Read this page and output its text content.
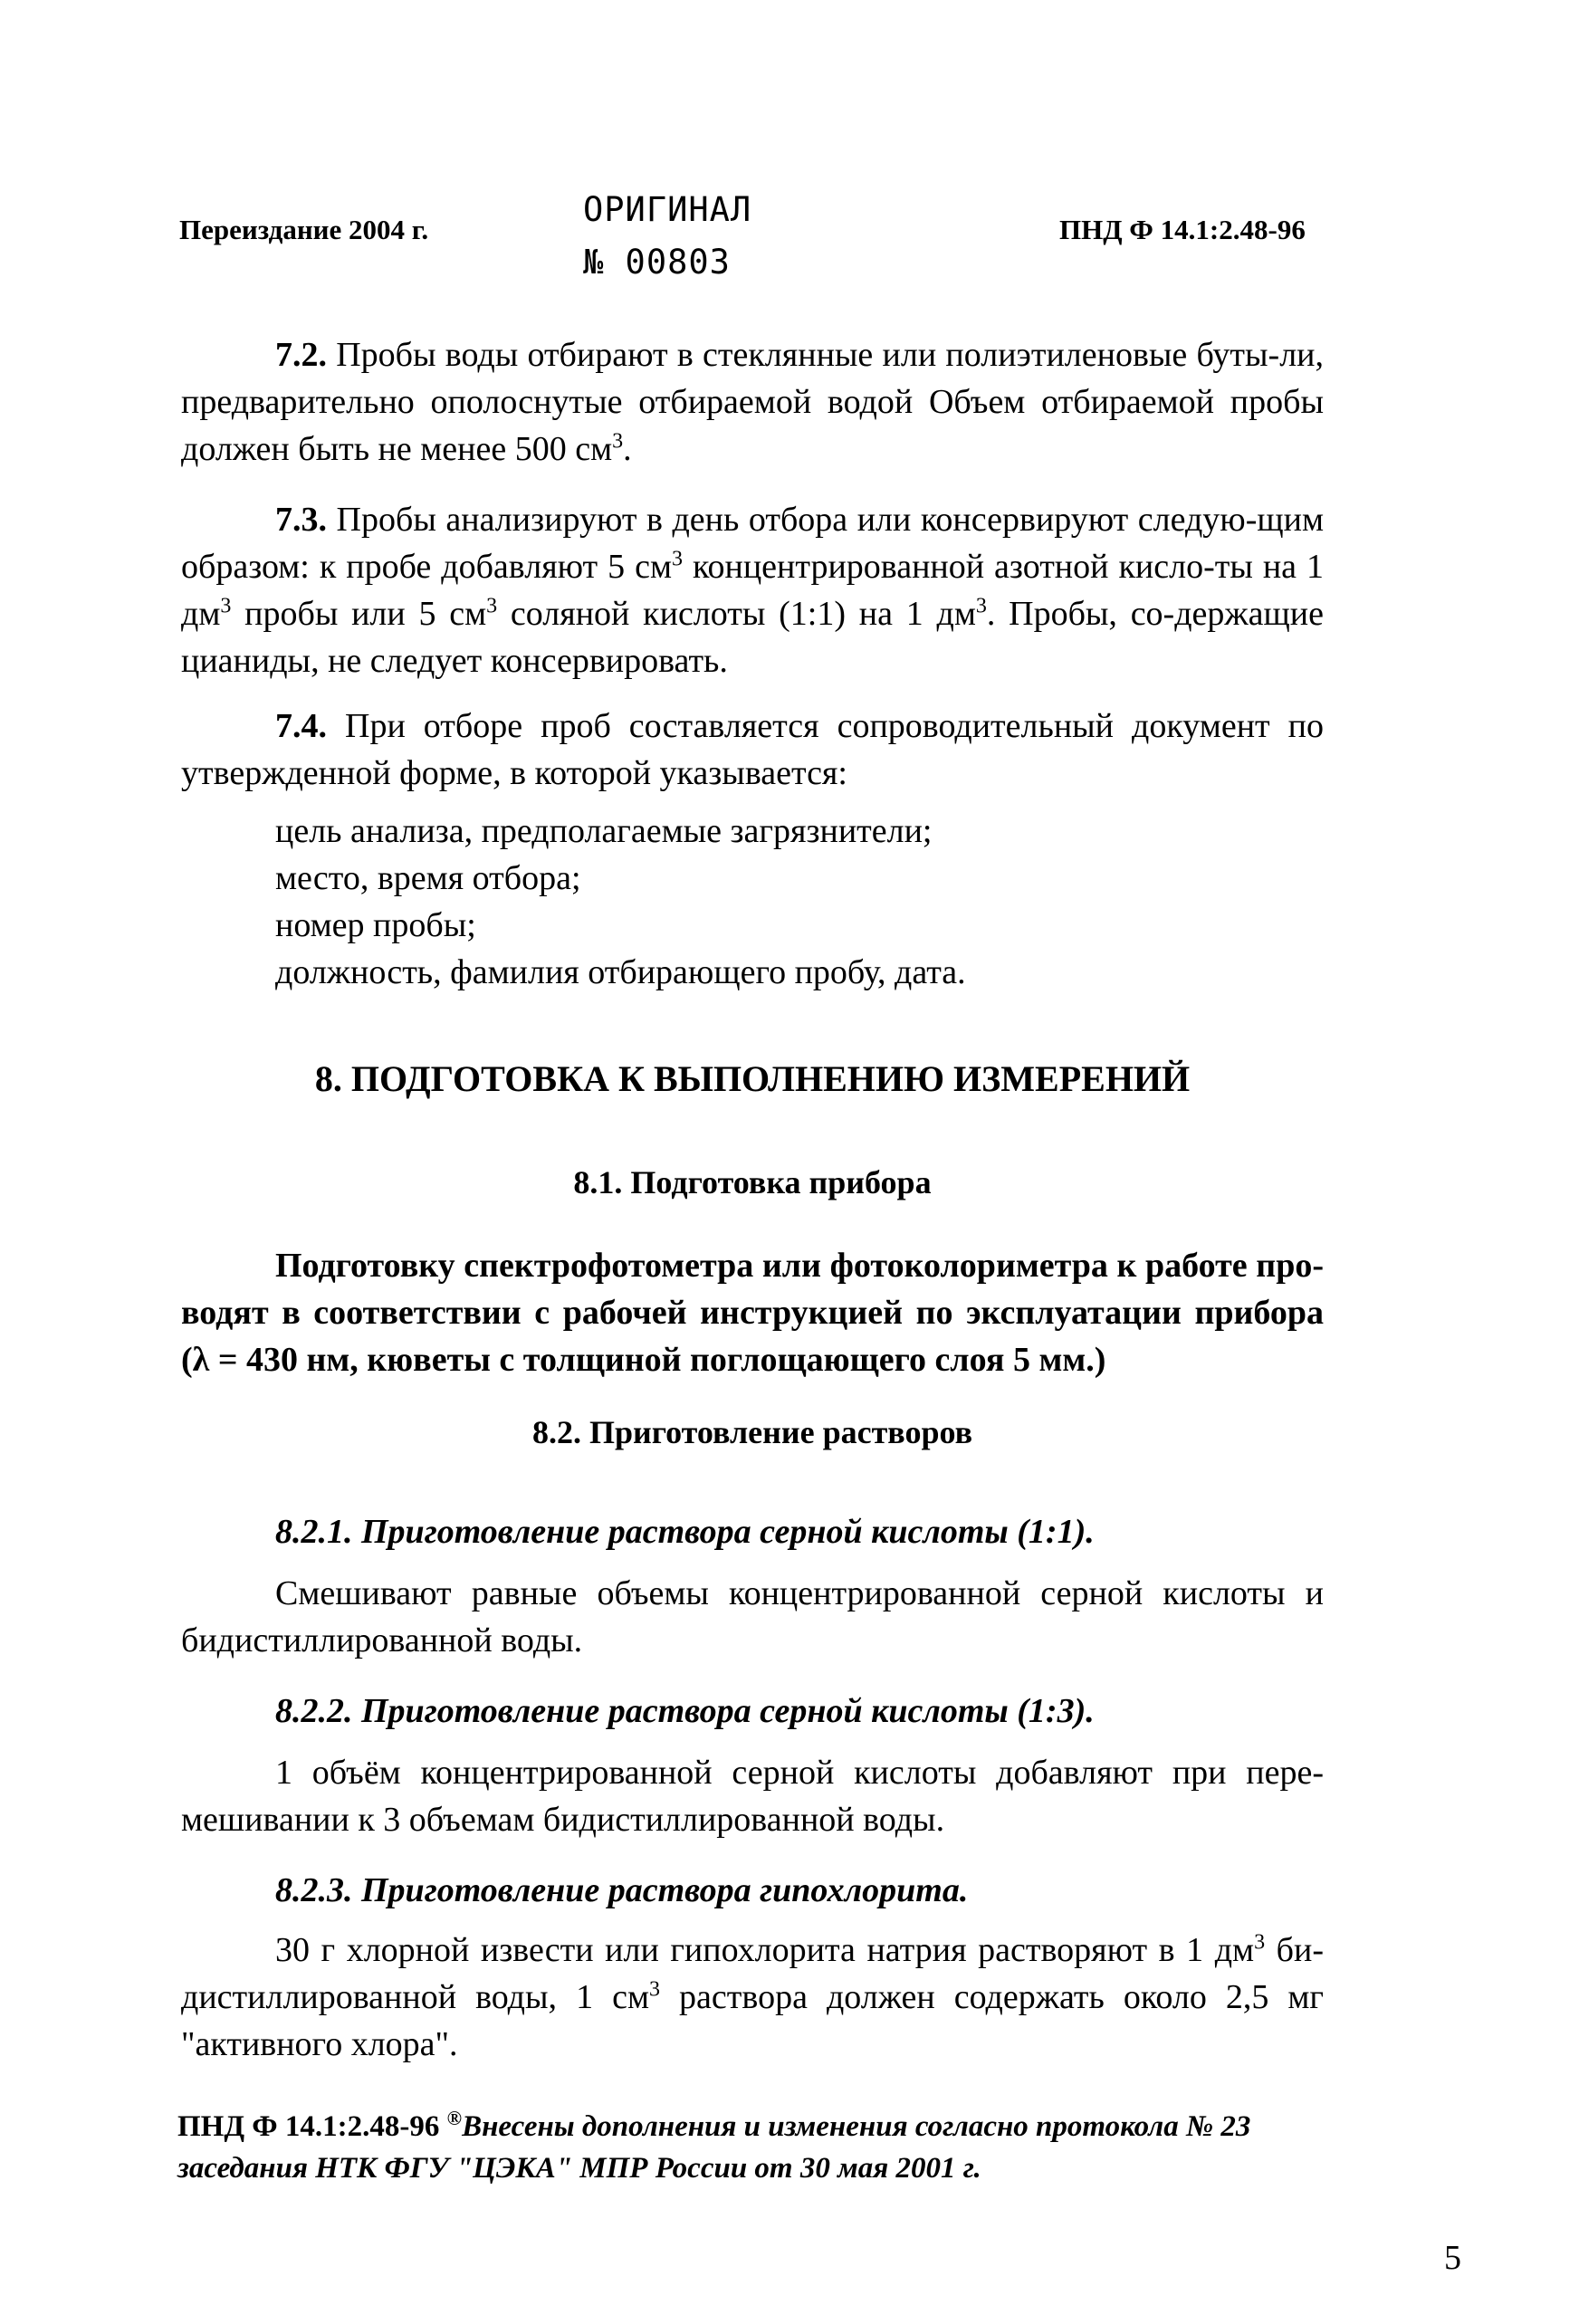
Переиздание 2004 г.
ОРИГИНАЛ
№ 00803
ПНД Ф 14.1:2.48-96
7.2. Пробы воды отбирают в стеклянные или полиэтиленовые буты-ли, предварительно ополоснутые отбираемой водой Объем отбираемой пробы должен быть не менее 500 $см^3$.
7.3. Пробы анализируют в день отбора или консервируют следую-щим образом: к пробе добавляют 5 $см^3$ концентрированной азотной кисло-ты на 1 $дм^3$ пробы или 5 $см^3$ соляной кислоты (1:1) на 1 $дм^3$. Пробы, со-держащие цианиды, не следует консервировать.
7.4. При отборе проб составляется сопроводительный документ по утвержденной форме, в которой указывается:
цель анализа, предполагаемые загрязнители;
место, время отбора;
номер пробы;
должность, фамилия отбирающего пробу, дата.
8. ПОДГОТОВКА К ВЫПОЛНЕНИЮ ИЗМЕРЕНИЙ
8.1. Подготовка прибора
Подготовку спектрофотометра или фотоколориметра к работе про-водят в соответствии с рабочей инструкцией по эксплуатации прибора (λ = 430 нм, кюветы с толщиной поглощающего слоя 5 мм.)
8.2. Приготовление растворов
8.2.1. Приготовление раствора серной кислоты (1:1).
Смешивают равные объемы концентрированной серной кислоты и бидистиллированной воды.
8.2.2. Приготовление раствора серной кислоты (1:3).
1 объём концентрированной серной кислоты добавляют при пере-мешивании к 3 объемам бидистиллированной воды.
8.2.3. Приготовление раствора гипохлорита.
30 г хлорной извести или гипохлорита натрия растворяют в 1 $дм^3$ би-дистиллированной воды, 1 $см^3$ раствора должен содержать около 2,5 мг "активного хлора".
ПНД Ф 14.1:2.48-96 ®Внесены дополнения и изменения согласно протокола № 23
заседания НТК ФГУ "ЦЭКА" МПР России от 30 мая 2001 г.
5
